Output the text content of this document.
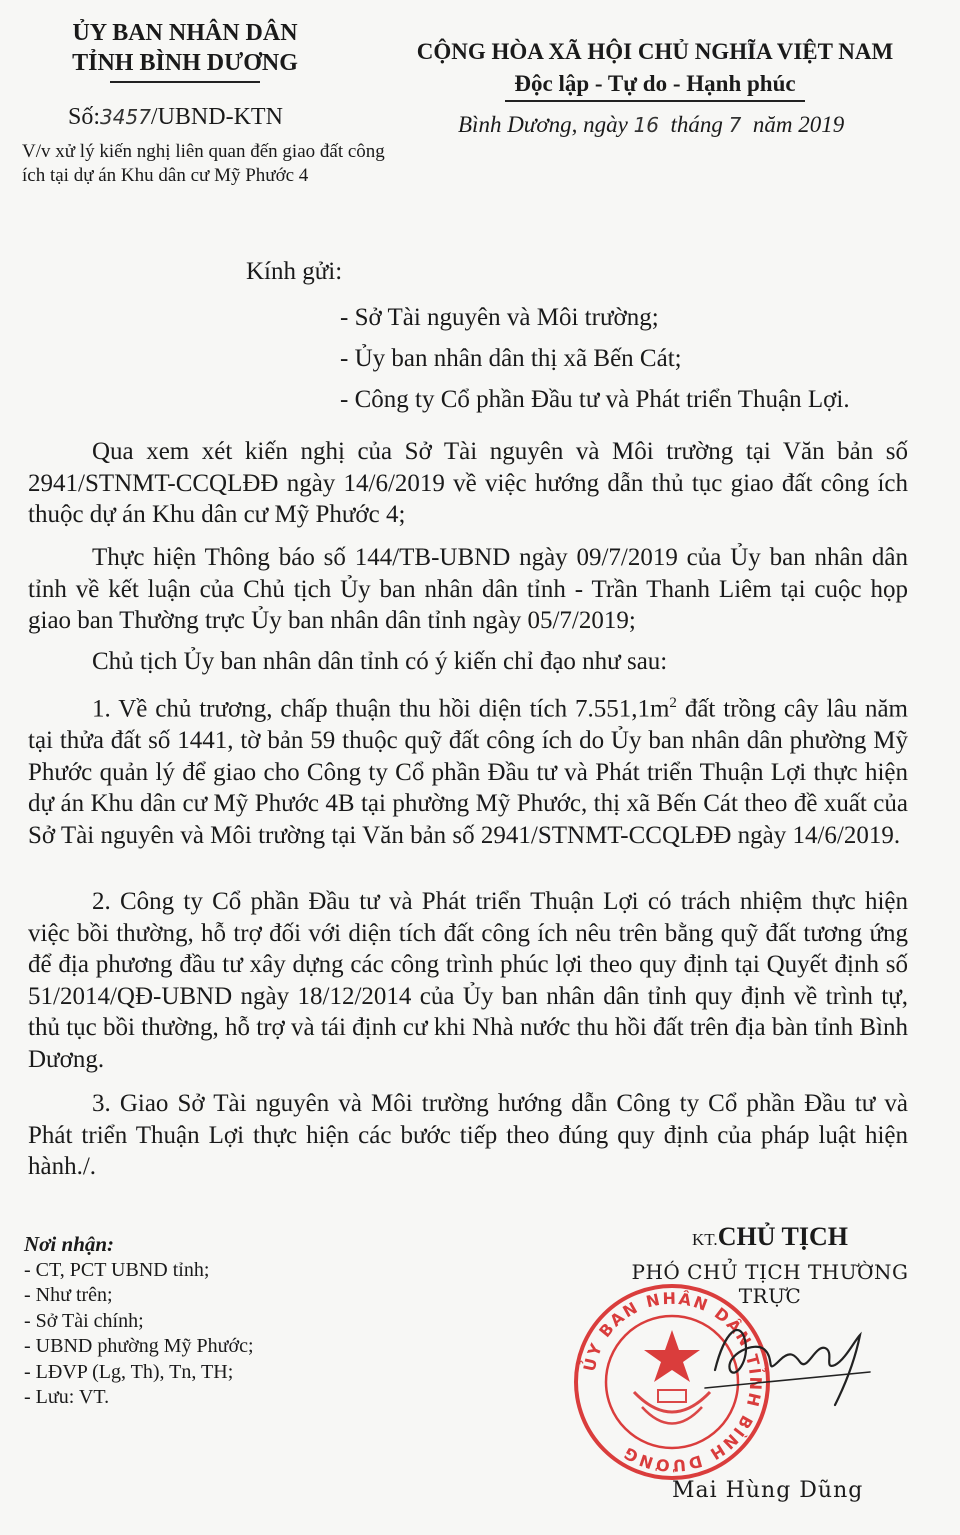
ỦY BAN NHÂN DÂN
TỈNH BÌNH DƯƠNG	CỘNG HÒA XÃ HỘI CHỦ NGHĨA VIỆT NAM
Độc lập - Tự do - Hạnh phúc
Số:3457/UBND-KTN	Bình Dương, ngày 16 tháng 7 năm 2019
V/v xử lý kiến nghị liên quan đến giao đất công ích tại dự án Khu dân cư Mỹ Phước 4
Kính gửi:
- Sở Tài nguyên và Môi trường;
- Ủy ban nhân dân thị xã Bến Cát;
- Công ty Cổ phần Đầu tư và Phát triển Thuận Lợi.
Qua xem xét kiến nghị của Sở Tài nguyên và Môi trường tại Văn bản số 2941/STNMT-CCQLĐĐ ngày 14/6/2019 về việc hướng dẫn thủ tục giao đất công ích thuộc dự án Khu dân cư Mỹ Phước 4;
Thực hiện Thông báo số 144/TB-UBND ngày 09/7/2019 của Ủy ban nhân dân tỉnh về kết luận của Chủ tịch Ủy ban nhân dân tỉnh - Trần Thanh Liêm tại cuộc họp giao ban Thường trực Ủy ban nhân dân tỉnh ngày 05/7/2019;
Chủ tịch Ủy ban nhân dân tỉnh có ý kiến chỉ đạo như sau:
1. Về chủ trương, chấp thuận thu hồi diện tích $7.551,1m^2$ đất trồng cây lâu năm tại thửa đất số 1441, tờ bản 59 thuộc quỹ đất công ích do Ủy ban nhân dân phường Mỹ Phước quản lý để giao cho Công ty Cổ phần Đầu tư và Phát triển Thuận Lợi thực hiện dự án Khu dân cư Mỹ Phước 4B tại phường Mỹ Phước, thị xã Bến Cát theo đề xuất của Sở Tài nguyên và Môi trường tại Văn bản số 2941/STNMT-CCQLĐĐ ngày 14/6/2019.
2. Công ty Cổ phần Đầu tư và Phát triển Thuận Lợi có trách nhiệm thực hiện việc bồi thường, hỗ trợ đối với diện tích đất công ích nêu trên bằng quỹ đất tương ứng để địa phương đầu tư xây dựng các công trình phúc lợi theo quy định tại Quyết định số 51/2014/QĐ-UBND ngày 18/12/2014 của Ủy ban nhân dân tỉnh quy định về trình tự, thủ tục bồi thường, hỗ trợ và tái định cư khi Nhà nước thu hồi đất trên địa bàn tỉnh Bình Dương.
3. Giao Sở Tài nguyên và Môi trường hướng dẫn Công ty Cổ phần Đầu tư và Phát triển Thuận Lợi thực hiện các bước tiếp theo đúng quy định của pháp luật hiện hành./.
Nơi nhận:
- CT, PCT UBND tỉnh;
- Như trên;
- Sở Tài chính;
- UBND phường Mỹ Phước;
- LĐVP (Lg, Th), Tn, TH;
- Lưu: VT.
KT.CHỦ TỊCH
PHÓ CHỦ TỊCH THƯỜNG TRỰC
ỦY BAN NHÂN DÂN TỈNH BÌNH DƯƠNG
Mai Hùng Dũng
